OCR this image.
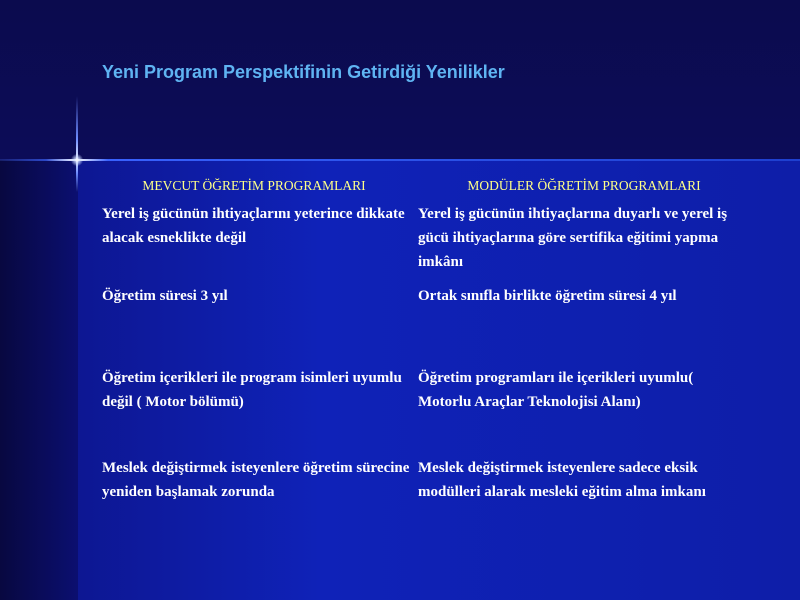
Yeni Program Perspektifinin Getirdiği Yenilikler
MEVCUT ÖĞRETİM PROGRAMLARI	MODÜLER ÖĞRETİM PROGRAMLARI
Yerel iş gücünün ihtiyaçlarını yeterince dikkate alacak esneklikte değil
Yerel iş gücünün ihtiyaçlarına duyarlı ve yerel iş gücü ihtiyaçlarına göre sertifika eğitimi yapma imkânı
Öğretim süresi 3 yıl	Ortak sınıfla birlikte öğretim süresi 4 yıl
Öğretim içerikleri ile program isimleri uyumlu değil ( Motor bölümü)
Öğretim programları ile içerikleri uyumlu( Motorlu Araçlar Teknolojisi Alanı)
Meslek değiştirmek isteyenlere öğretim sürecine yeniden başlamak zorunda
Meslek değiştirmek isteyenlere sadece eksik modülleri alarak mesleki eğitim alma imkanı
